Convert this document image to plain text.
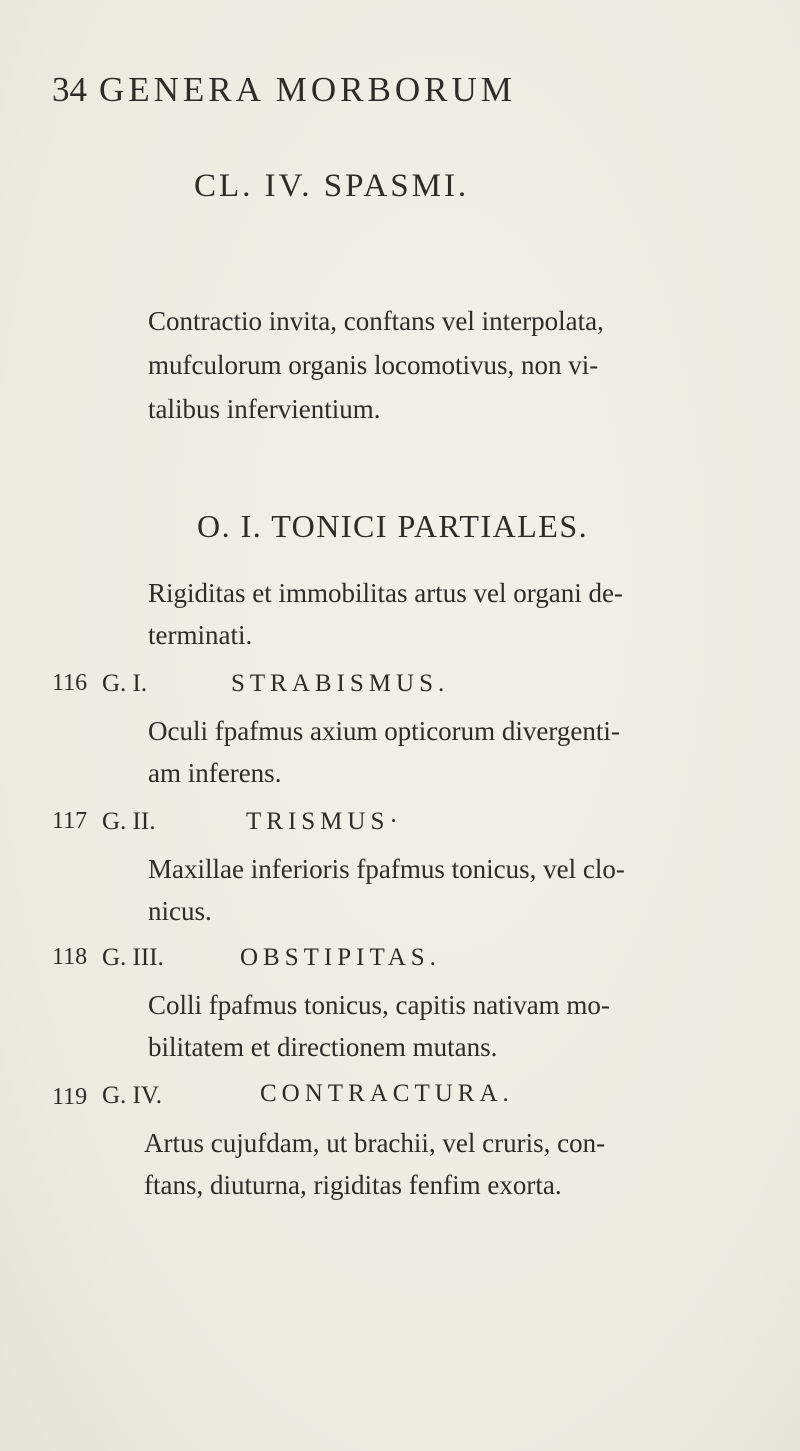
34 GENERA MORBORUM
CL. IV. SPASMI.
Contractio invita, conftans vel interpolata,
mufculorum organis locomotivus, non vi-
talibus infervientium.
O. I. TONICI PARTIALES.
Rigiditas et immobilitas artus vel organi de-
terminati.
116 G. I.	STRABISMUS.
Oculi fpafmus axium opticorum divergenti-
am inferens.
117 G. II.	TRISMUS·
Maxillae inferioris fpafmus tonicus, vel clo-
nicus.
118 G. III.	OBSTIPITAS.
Colli fpafmus tonicus, capitis nativam mo-
bilitatem et directionem mutans.
119 G. IV.	CONTRACTURA.
Artus cujufdam, ut brachii, vel cruris, con-
ftans, diuturna, rigiditas fenfim exorta.
